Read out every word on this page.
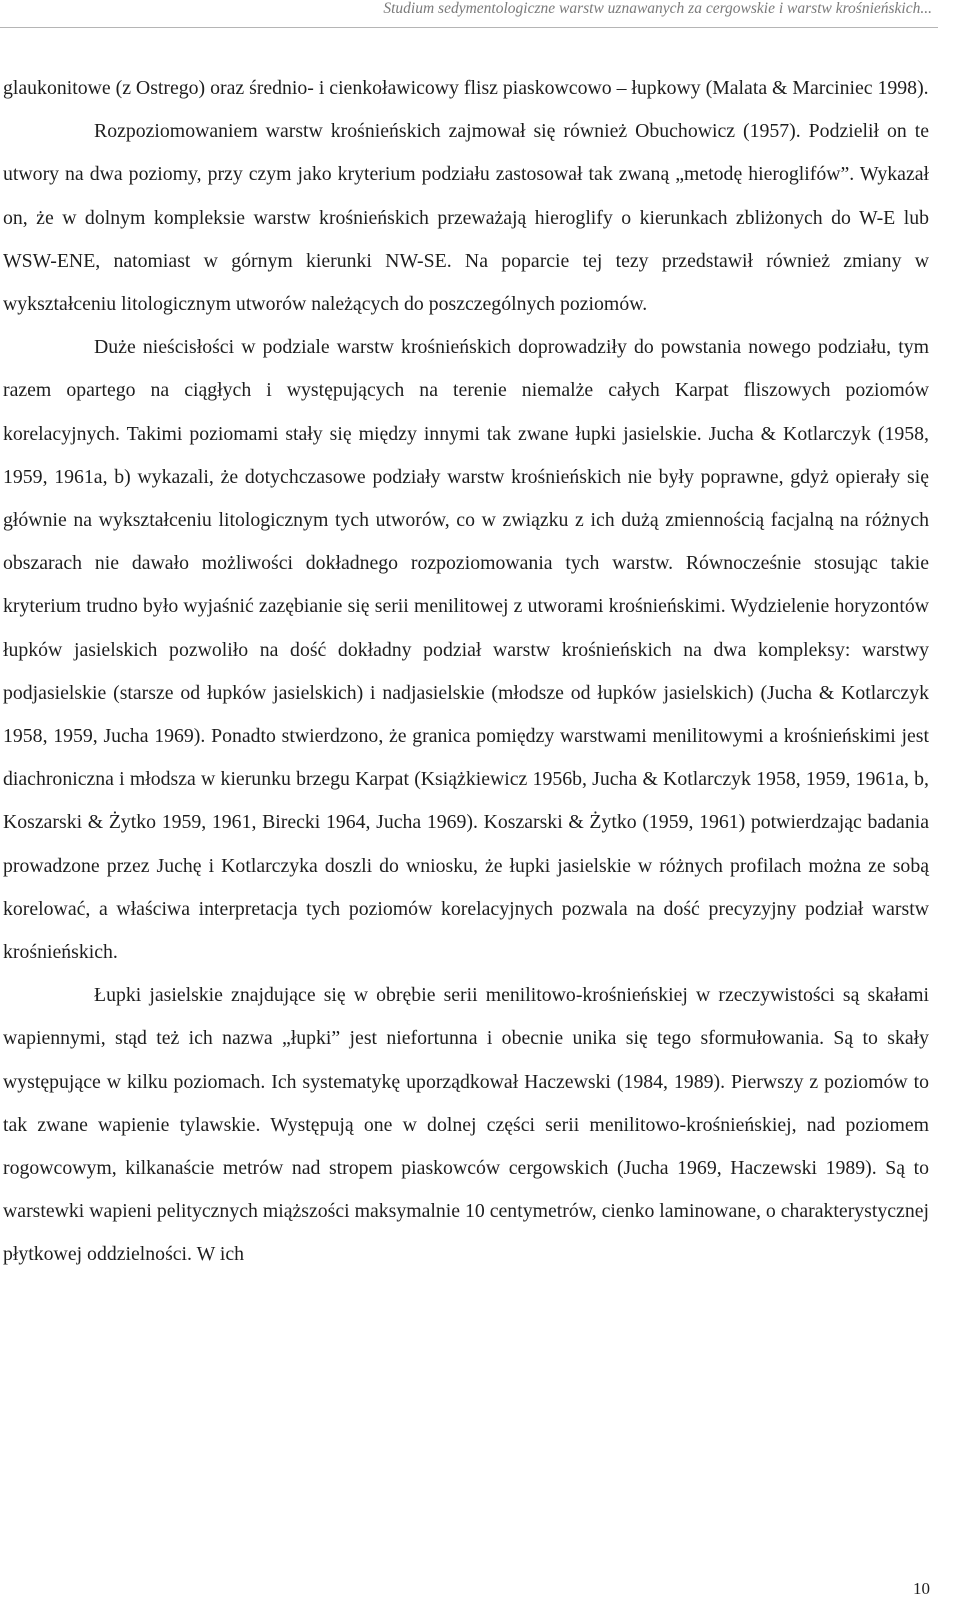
Studium sedymentologiczne warstw uznawanych za cergowskie i warstw krośnieńskich...

glaukonitowe (z Ostrego) oraz średnio- i cienkoławicowy flisz piaskowcowo – łupkowy (Malata & Marciniec 1998).

Rozpoziomowaniem warstw krośnieńskich zajmował się również Obuchowicz (1957). Podzielił on te utwory na dwa poziomy, przy czym jako kryterium podziału zastosował tak zwaną „metodę hieroglifów”. Wykazał on, że w dolnym kompleksie warstw krośnieńskich przeważają hieroglify o kierunkach zbliżonych do W-E lub WSW-ENE, natomiast w górnym kierunki NW-SE. Na poparcie tej tezy przedstawił również zmiany w wykształceniu litologicznym utworów należących do poszczególnych poziomów.

Duże nieścisłości w podziale warstw krośnieńskich doprowadziły do powstania nowego podziału, tym razem opartego na ciągłych i występujących na terenie niemalże całych Karpat fliszowych poziomów korelacyjnych. Takimi poziomami stały się między innymi tak zwane łupki jasielskie. Jucha & Kotlarczyk (1958, 1959, 1961a, b) wykazali, że dotychczasowe podziały warstw krośnieńskich nie były poprawne, gdyż opierały się głównie na wykształceniu litologicznym tych utworów, co w związku z ich dużą zmiennością facjalną na różnych obszarach nie dawało możliwości dokładnego rozpoziomowania tych warstw. Równocześnie stosując takie kryterium trudno było wyjaśnić zazębianie się serii menilitowej z utworami krośnieńskimi. Wydzielenie horyzontów łupków jasielskich pozwoliło na dość dokładny podział warstw krośnieńskich na dwa kompleksy: warstwy podjasielskie (starsze od łupków jasielskich) i nadjasielskie (młodsze od łupków jasielskich) (Jucha & Kotlarczyk 1958, 1959, Jucha 1969). Ponadto stwierdzono, że granica pomiędzy warstwami menilitowymi a krośnieńskimi jest diachroniczna i młodsza w kierunku brzegu Karpat (Książkiewicz 1956b, Jucha & Kotlarczyk 1958, 1959, 1961a, b, Koszarski & Żytko 1959, 1961, Birecki 1964, Jucha 1969). Koszarski & Żytko (1959, 1961) potwierdzając badania prowadzone przez Juchę i Kotlarczyka doszli do wniosku, że łupki jasielskie w różnych profilach można ze sobą korelować, a właściwa interpretacja tych poziomów korelacyjnych pozwala na dość precyzyjny podział warstw krośnieńskich.

Łupki jasielskie znajdujące się w obrębie serii menilitowo-krośnieńskiej w rzeczywistości są skałami wapiennymi, stąd też ich nazwa „łupki” jest niefortunna i obecnie unika się tego sformułowania. Są to skały występujące w kilku poziomach. Ich systematykę uporządkował Haczewski (1984, 1989). Pierwszy z poziomów to tak zwane wapienie tylawskie. Występują one w dolnej części serii menilitowo-krośnieńskiej, nad poziomem rogowcowym, kilkanaście metrów nad stropem piaskowców cergowskich (Jucha 1969, Haczewski 1989). Są to warstewki wapieni pelitycznych miąższości maksymalnie 10 centymetrów, cienko laminowane, o charakterystycznej płytkowej oddzielności. W ich

10
